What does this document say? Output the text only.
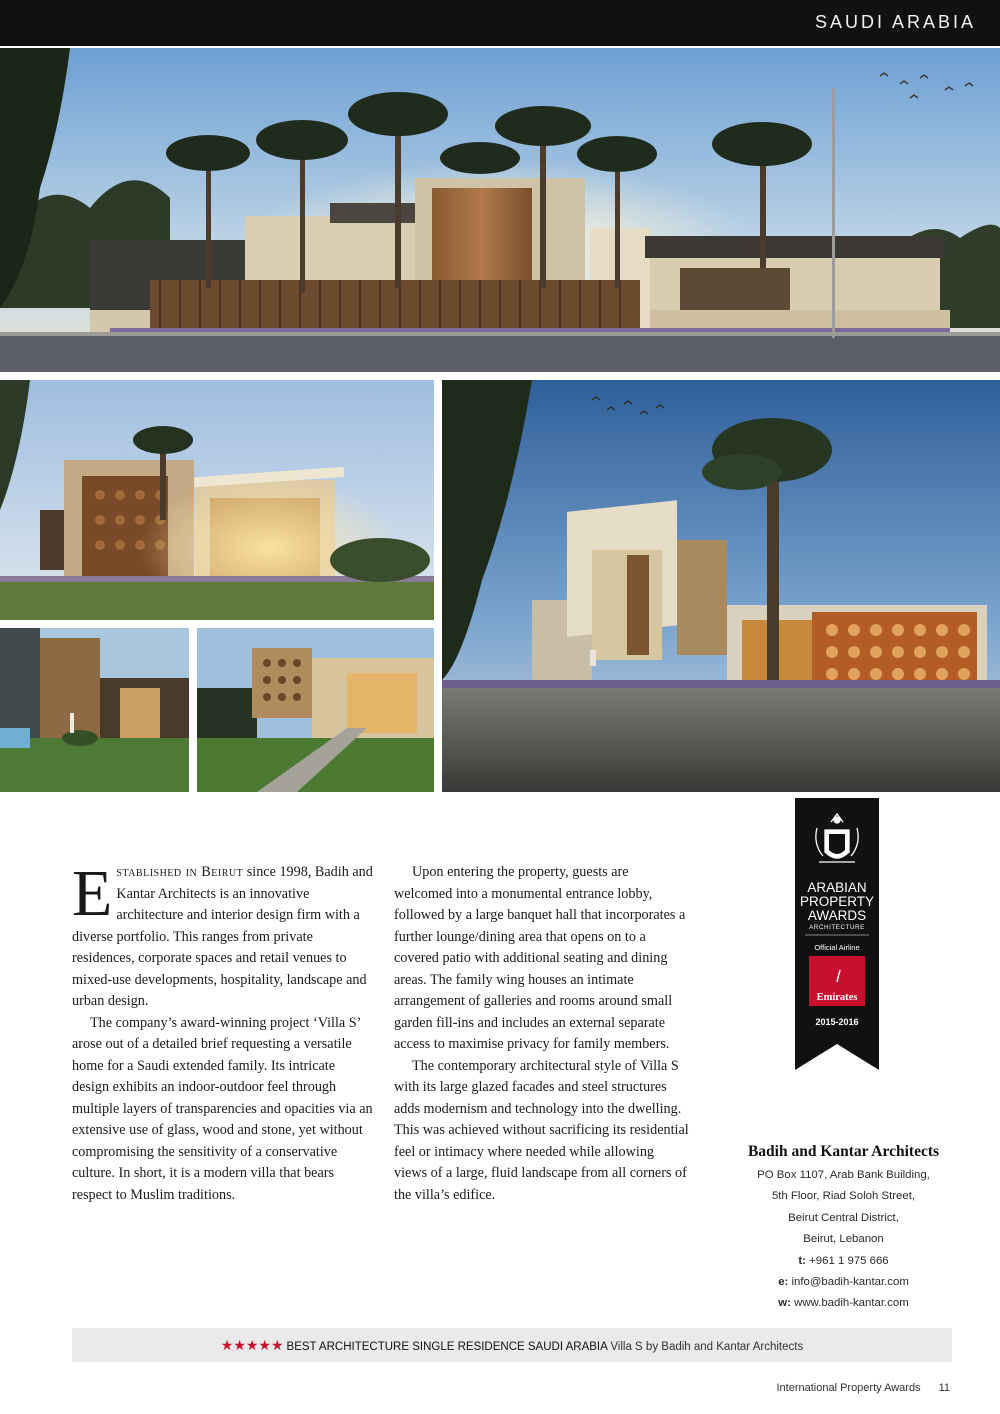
SAUDI ARABIA

Established in Beirut since 1998, Badih and Kantar Architects is an innovative architecture and interior design firm with a diverse portfolio. This ranges from private residences, corporate spaces and retail venues to mixed-use developments, hospitality, landscape and urban design.

The company’s award-winning project ‘Villa S’ arose out of a detailed brief requesting a versatile home for a Saudi extended family. Its intricate design exhibits an indoor-outdoor feel through multiple layers of transparencies and opacities via an extensive use of glass, wood and stone, yet without compromising the sensitivity of a conservative culture. In short, it is a modern villa that bears respect to Muslim traditions.

Upon entering the property, guests are welcomed into a monumental entrance lobby, followed by a large banquet hall that incorporates a further lounge/dining area that opens on to a covered patio with additional seating and dining areas. The family wing houses an intimate arrangement of galleries and rooms around small garden fill-ins and includes an external separate access to maximise privacy for family members.

The contemporary architectural style of Villa S with its large glazed facades and steel structures adds modernism and technology into the dwelling. This was achieved without sacrificing its residential feel or intimacy where needed while allowing views of a large, fluid landscape from all corners of the villa’s edifice.

ARABIAN
PROPERTY
AWARDS
ARCHITECTURE
Official Airline
ﺍ
Emirates
2015-2016
Badih and Kantar Architects
PO Box 1107, Arab Bank Building,
5th Floor, Riad Soloh Street,
Beirut Central District,
Beirut, Lebanon
t: +961 1 975 666
e: info@badih-kantar.com
w: www.badih-kantar.com
★★★★★ BEST ARCHITECTURE SINGLE RESIDENCE SAUDI ARABIA Villa S by Badih and Kantar Architects
International Property Awards 11
